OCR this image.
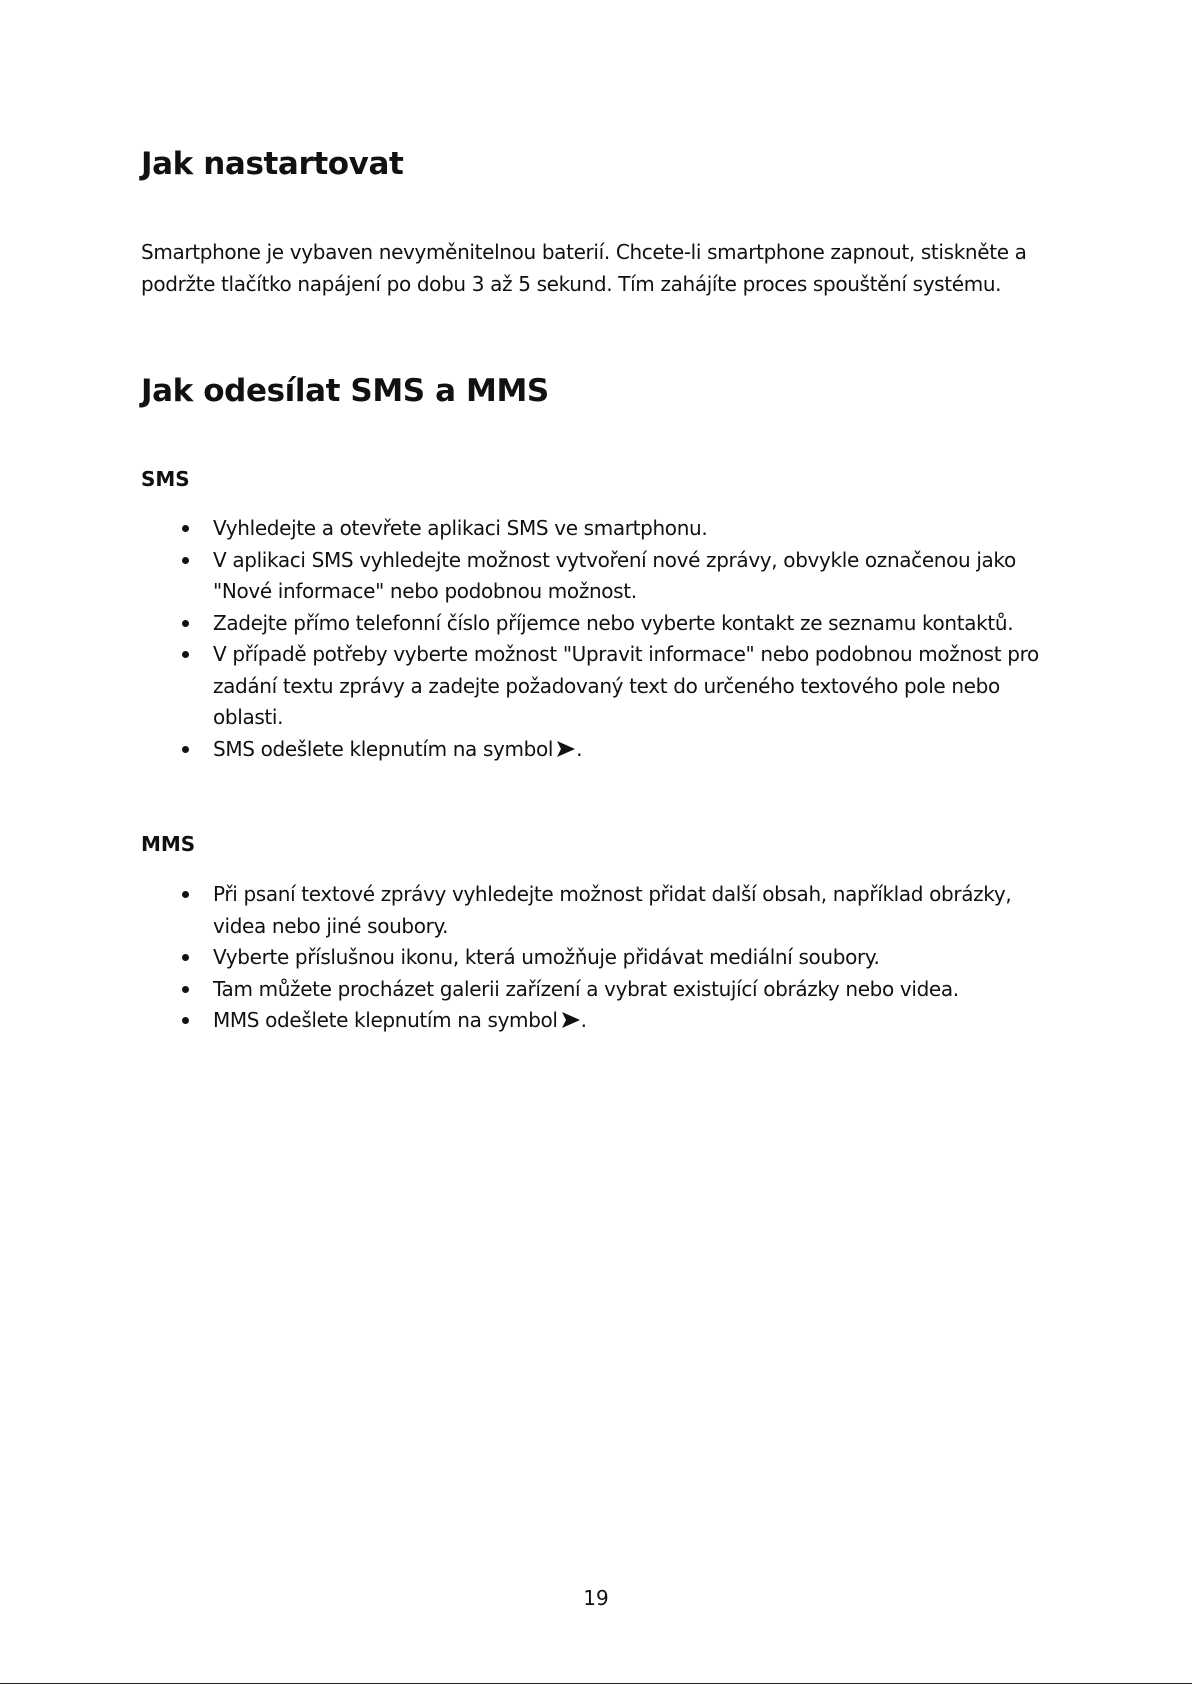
Jak nastartovat

Smartphone je vybaven nevyměnitelnou baterií. Chcete-li smartphone zapnout, stiskněte a
podržte tlačítko napájení po dobu 3 až 5 sekund. Tím zahájíte proces spouštění systému.

Jak odesílat SMS a MMS
SMS
Vyhledejte a otevřete aplikaci SMS ve smartphonu.
V aplikaci SMS vyhledejte možnost vytvoření nové zprávy, obvykle označenou jako
"Nové informace" nebo podobnou možnost.
Zadejte přímo telefonní číslo příjemce nebo vyberte kontakt ze seznamu kontaktů.
V případě potřeby vyberte možnost "Upravit informace" nebo podobnou možnost pro
zadání textu zprávy a zadejte požadovaný text do určeného textového pole nebo
oblasti.
SMS odešlete klepnutím na symbol .
MMS
Při psaní textové zprávy vyhledejte možnost přidat další obsah, například obrázky,
videa nebo jiné soubory.
Vyberte příslušnou ikonu, která umožňuje přidávat mediální soubory.
Tam můžete procházet galerii zařízení a vybrat existující obrázky nebo videa.
MMS odešlete klepnutím na symbol .
19
